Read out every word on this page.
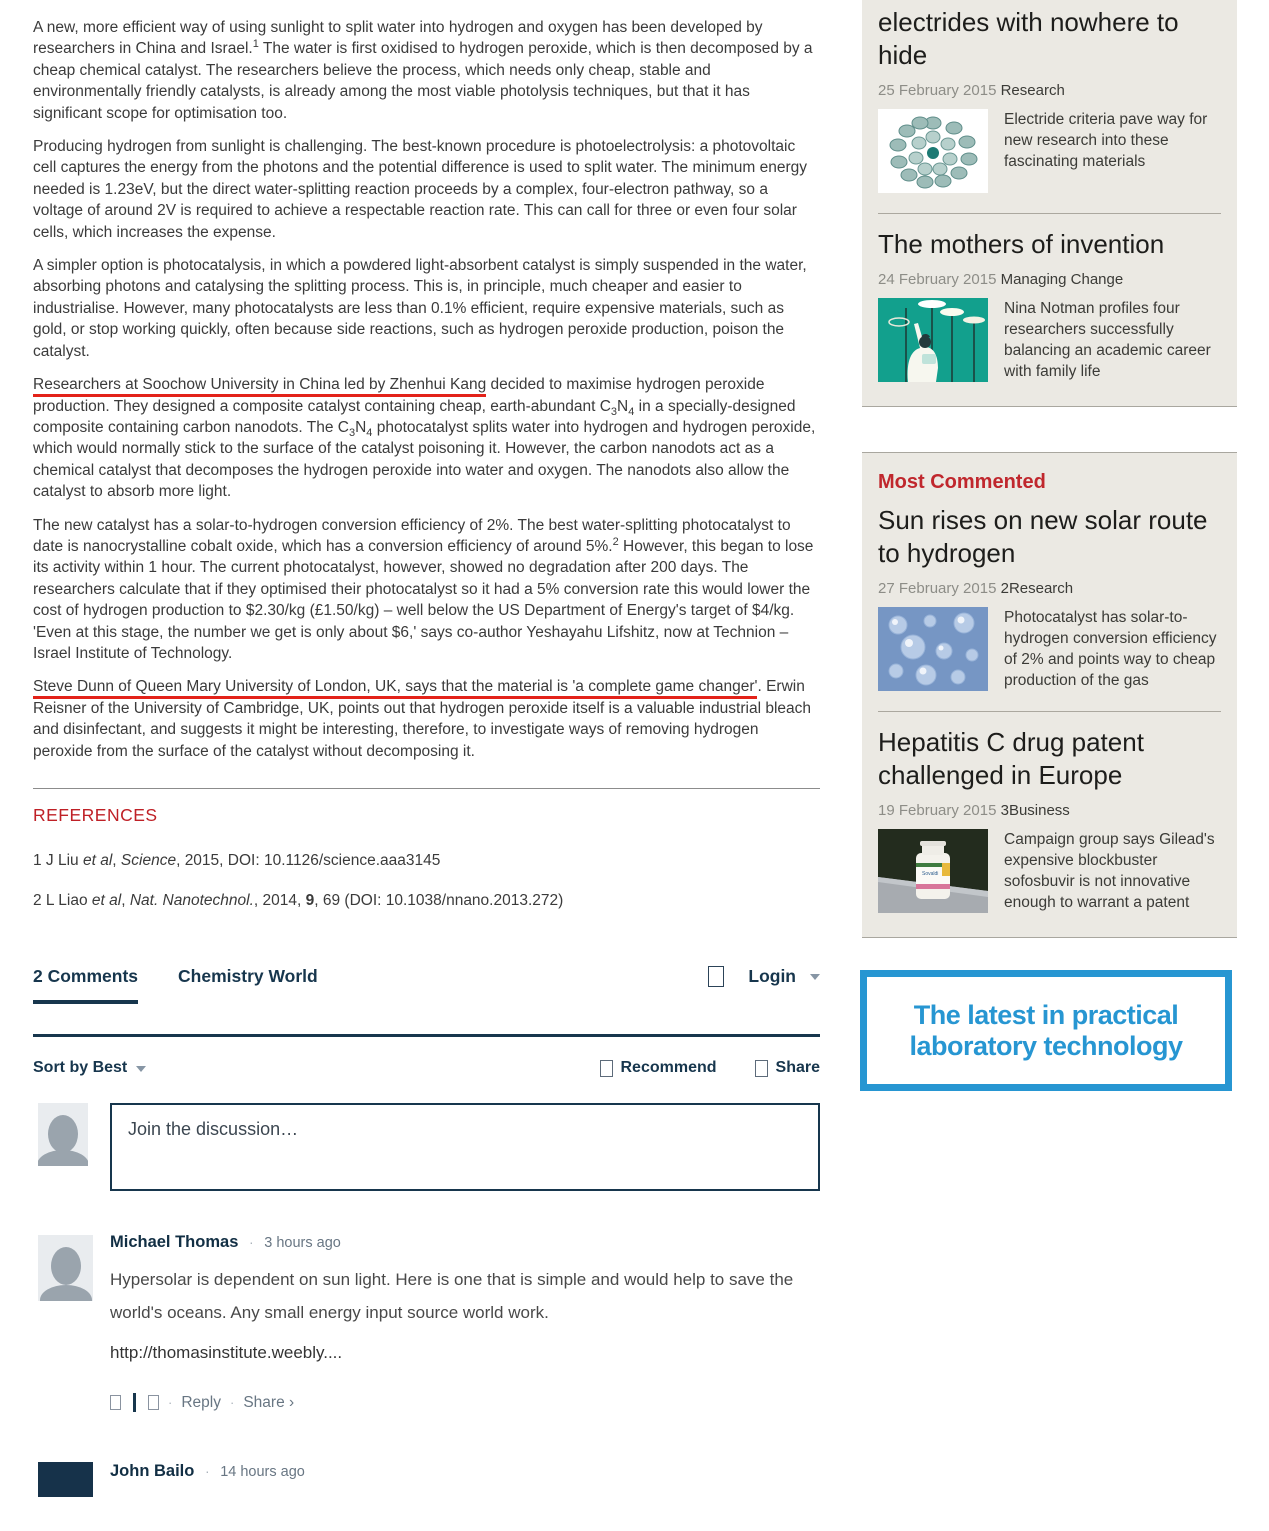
A new, more efficient way of using sunlight to split water into hydrogen and oxygen has been developed by researchers in China and Israel.$^1$ The water is first oxidised to hydrogen peroxide, which is then decomposed by a cheap chemical catalyst. The researchers believe the process, which needs only cheap, stable and environmentally friendly catalysts, is already among the most viable photolysis techniques, but that it has significant scope for optimisation too.

Producing hydrogen from sunlight is challenging. The best-known procedure is photoelectrolysis: a photovoltaic cell captures the energy from the photons and the potential difference is used to split water. The minimum energy needed is 1.23eV, but the direct water-splitting reaction proceeds by a complex, four-electron pathway, so a voltage of around 2V is required to achieve a respectable reaction rate. This can call for three or even four solar cells, which increases the expense.

A simpler option is photocatalysis, in which a powdered light-absorbent catalyst is simply suspended in the water, absorbing photons and catalysing the splitting process. This is, in principle, much cheaper and easier to industrialise. However, many photocatalysts are less than 0.1% efficient, require expensive materials, such as gold, or stop working quickly, often because side reactions, such as hydrogen peroxide production, poison the catalyst.

Researchers at Soochow University in China led by Zhenhui Kang decided to maximise hydrogen peroxide production. They designed a composite catalyst containing cheap, earth-abundant $C_3N_4$ in a specially-designed composite containing carbon nanodots. The $C_3N_4$ photocatalyst splits water into hydrogen and hydrogen peroxide, which would normally stick to the surface of the catalyst poisoning it. However, the carbon nanodots act as a chemical catalyst that decomposes the hydrogen peroxide into water and oxygen. The nanodots also allow the catalyst to absorb more light.

The new catalyst has a solar-to-hydrogen conversion efficiency of 2%. The best water-splitting photocatalyst to date is nanocrystalline cobalt oxide, which has a conversion efficiency of around 5%.$^2$ However, this began to lose its activity within 1 hour. The current photocatalyst, however, showed no degradation after 200 days. The researchers calculate that if they optimised their photocatalyst so it had a 5% conversion rate this would lower the cost of hydrogen production to $2.30/kg (£1.50/kg) – well below the US Department of Energy's target of $4/kg. 'Even at this stage, the number we get is only about $6,' says co-author Yeshayahu Lifshitz, now at Technion – Israel Institute of Technology.

Steve Dunn of Queen Mary University of London, UK, says that the material is 'a complete game changer'. Erwin Reisner of the University of Cambridge, UK, points out that hydrogen peroxide itself is a valuable industrial bleach and disinfectant, and suggests it might be interesting, therefore, to investigate ways of removing hydrogen peroxide from the surface of the catalyst without decomposing it.

REFERENCES

1 J Liu et al, Science, 2015, DOI: 10.1126/science.aaa3145

2 L Liao et al, Nat. Nanotechnol., 2014, 9, 69 (DOI: 10.1038/nnano.2013.272)

2 Comments Chemistry World	Login
Sort by Best	Recommend	Share
Join the discussion…
Michael Thomas · 3 hours ago
Hypersolar is dependent on sun light. Here is one that is simple and would help to save the world's oceans. Any small energy input source world work.
http://thomasinstitute.weebly....
· Reply · Share ›
John Bailo · 14 hours ago
electrides with nowhere to hide
25 February 2015 Research
Electride criteria pave way for new research into these fascinating materials
The mothers of invention
24 February 2015 Managing Change
Nina Notman profiles four researchers successfully balancing an academic career with family life
Most Commented
Sun rises on new solar route to hydrogen
27 February 2015 2Research
Photocatalyst has solar-to-hydrogen conversion efficiency of 2% and points way to cheap production of the gas
Hepatitis C drug patent challenged in Europe
19 February 2015 3Business
Sovaldi
Campaign group says Gilead's expensive blockbuster sofosbuvir is not innovative enough to warrant a patent
The latest in practical
laboratory technology
